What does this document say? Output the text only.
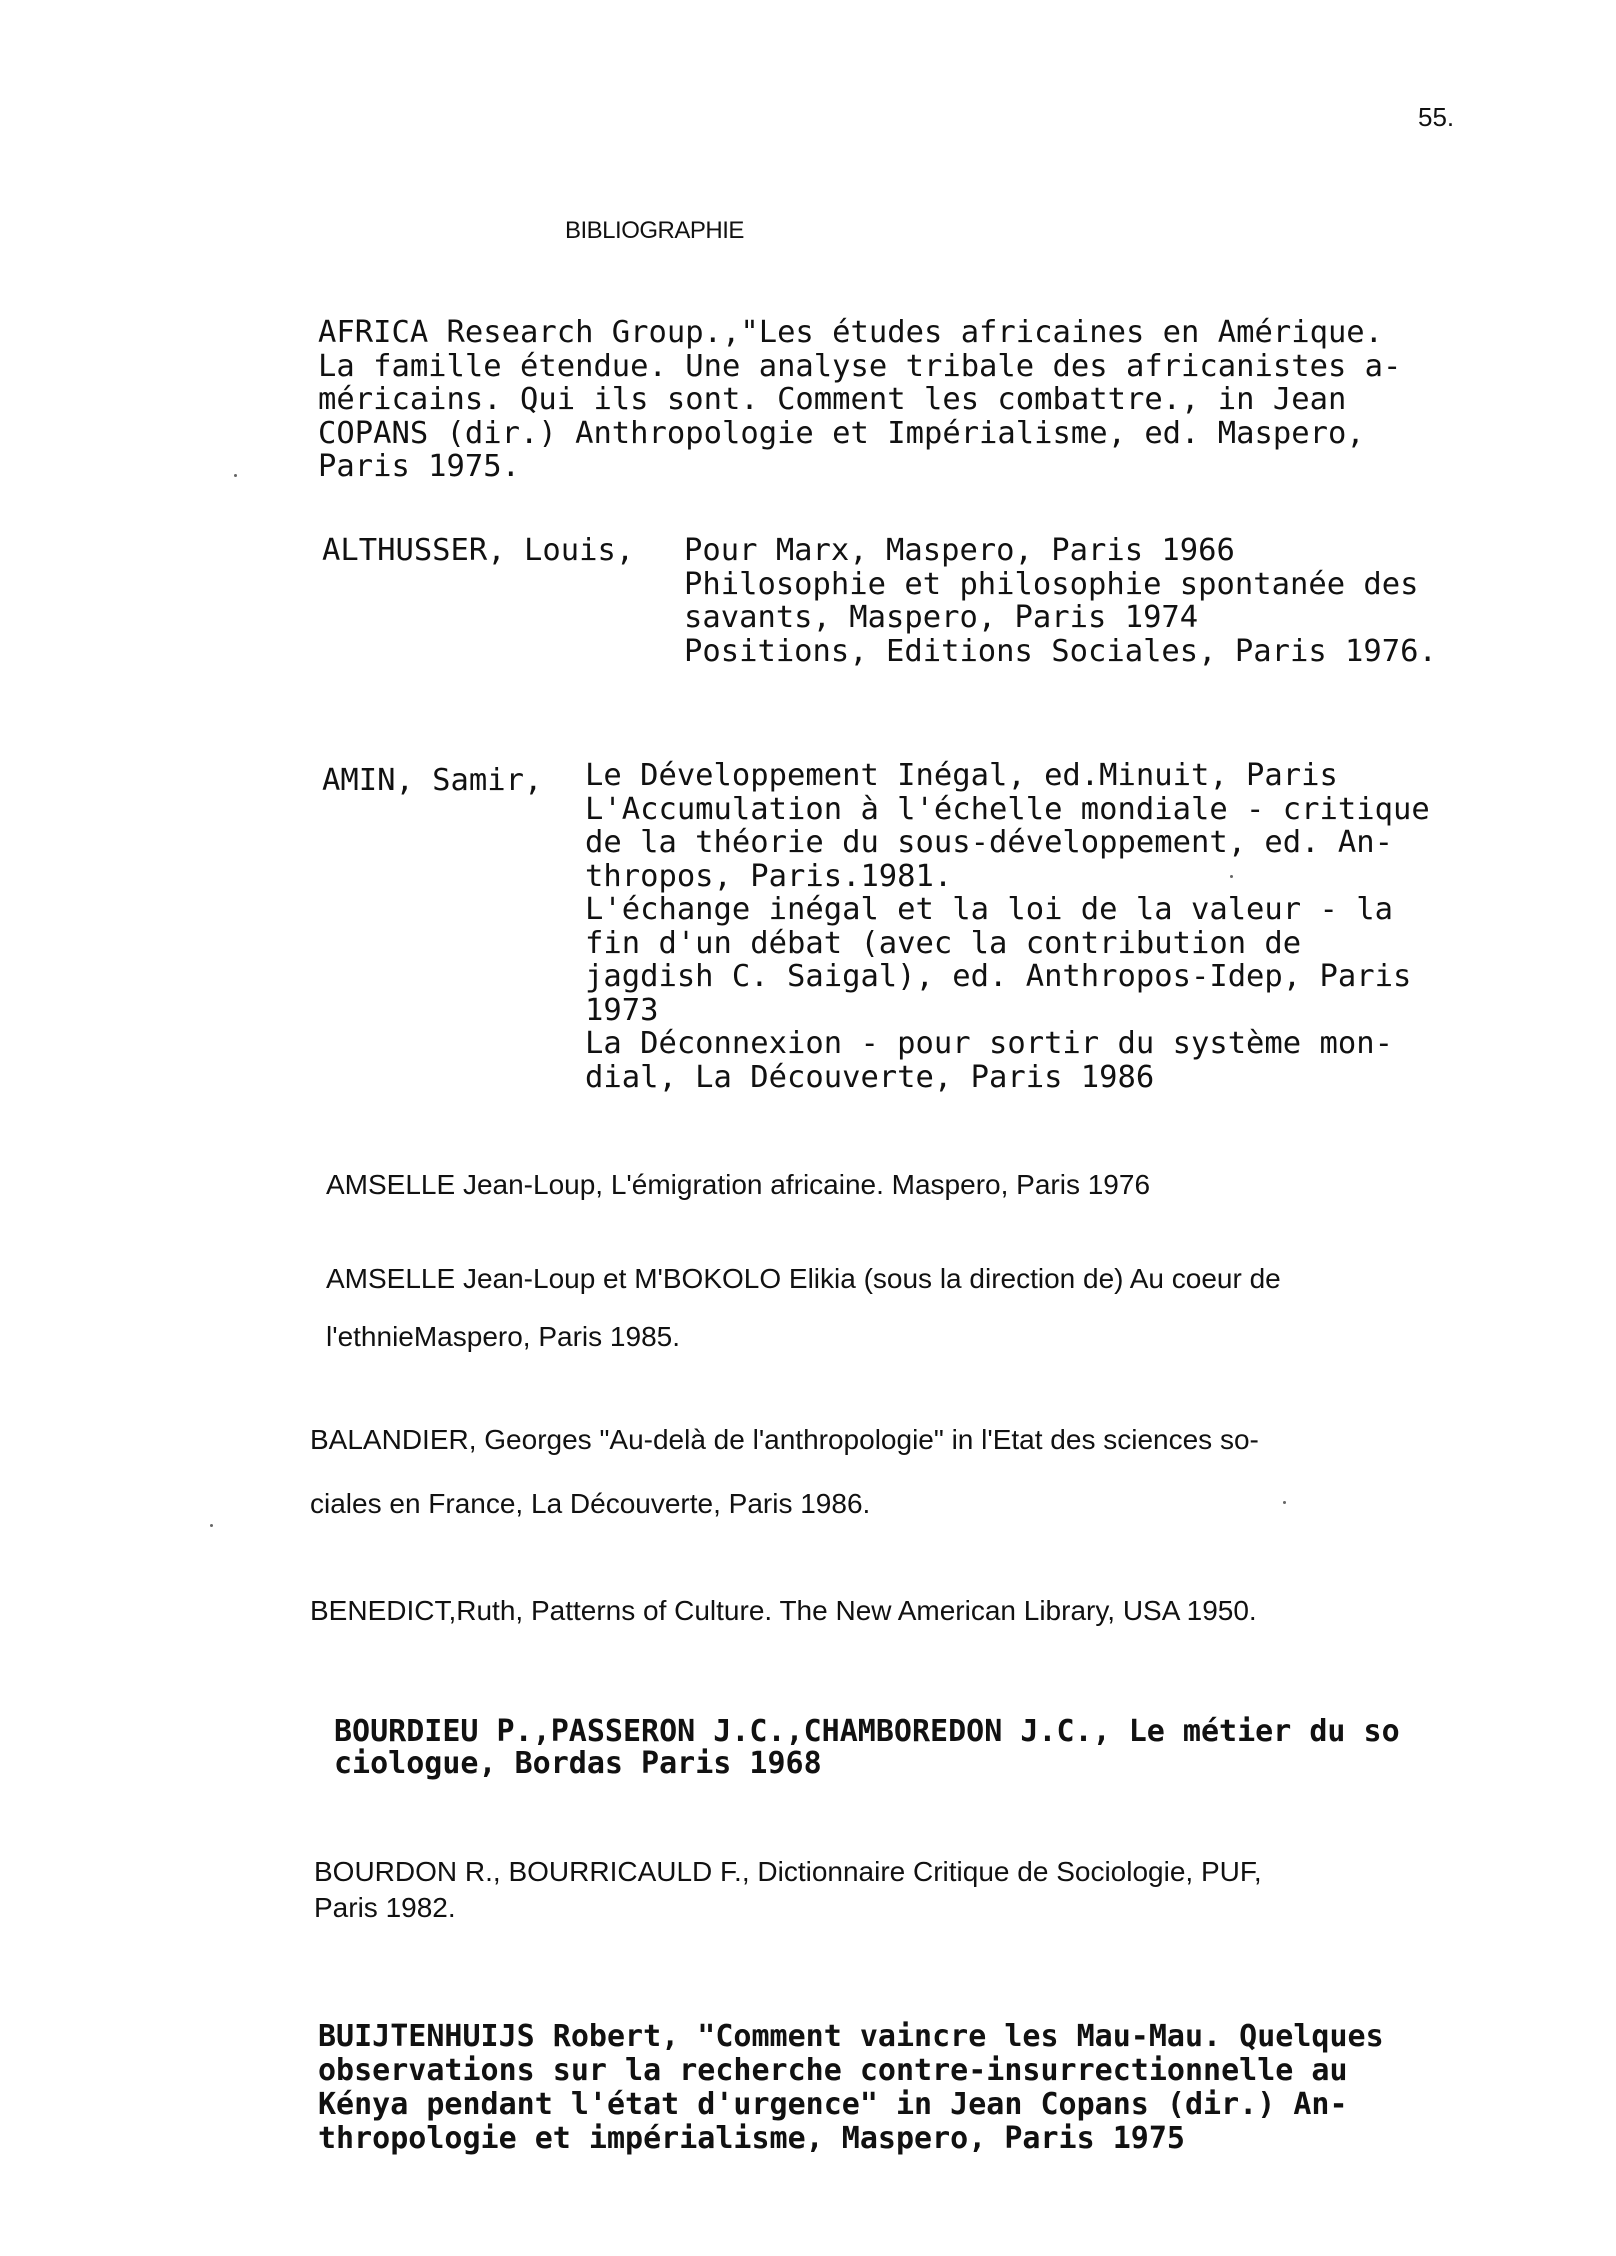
55.
BIBLIOGRAPHIE
AFRICA Research Group.,"Les études africaines en Amérique.
La famille étendue. Une analyse tribale des africanistes a-
méricains. Qui ils sont. Comment les combattre., in Jean
COPANS (dir.) Anthropologie et Impérialisme, ed. Maspero,
Paris 1975.
ALTHUSSER, Louis, Pour Marx, Maspero, Paris 1966
Philosophie et philosophie spontanée des
savants, Maspero, Paris 1974
Positions, Editions Sociales, Paris 1976.
AMIN, Samir, Le Développement Inégal, ed.Minuit, Paris
L'Accumulation à l'échelle mondiale - critique
de la théorie du sous-développement, ed. An-
thropos, Paris.1981.
L'échange inégal et la loi de la valeur - la
fin d'un débat (avec la contribution de
jagdish C. Saigal), ed. Anthropos-Idep, Paris
1973
La Déconnexion - pour sortir du système mon-
dial, La Découverte, Paris 1986
AMSELLE Jean-Loup, L'émigration africaine. Maspero, Paris 1976
AMSELLE Jean-Loup et M'BOKOLO Elikia (sous la direction de) Au coeur de
l'ethnieMaspero, Paris 1985.
BALANDIER, Georges "Au-delà de l'anthropologie" in l'Etat des sciences so-
ciales en France, La Découverte, Paris 1986.
BENEDICT,Ruth, Patterns of Culture. The New American Library, USA 1950.
BOURDIEU P.,PASSERON J.C.,CHAMBOREDON J.C., Le métier du so
ciologue, Bordas Paris 1968
BOURDON R., BOURRICAULD F., Dictionnaire Critique de Sociologie, PUF,
Paris 1982.
BUIJTENHUIJS Robert, "Comment vaincre les Mau-Mau. Quelques
observations sur la recherche contre-insurrectionnelle au
Kénya pendant l'état d'urgence" in Jean Copans (dir.) An-
thropologie et impérialisme, Maspero, Paris 1975
